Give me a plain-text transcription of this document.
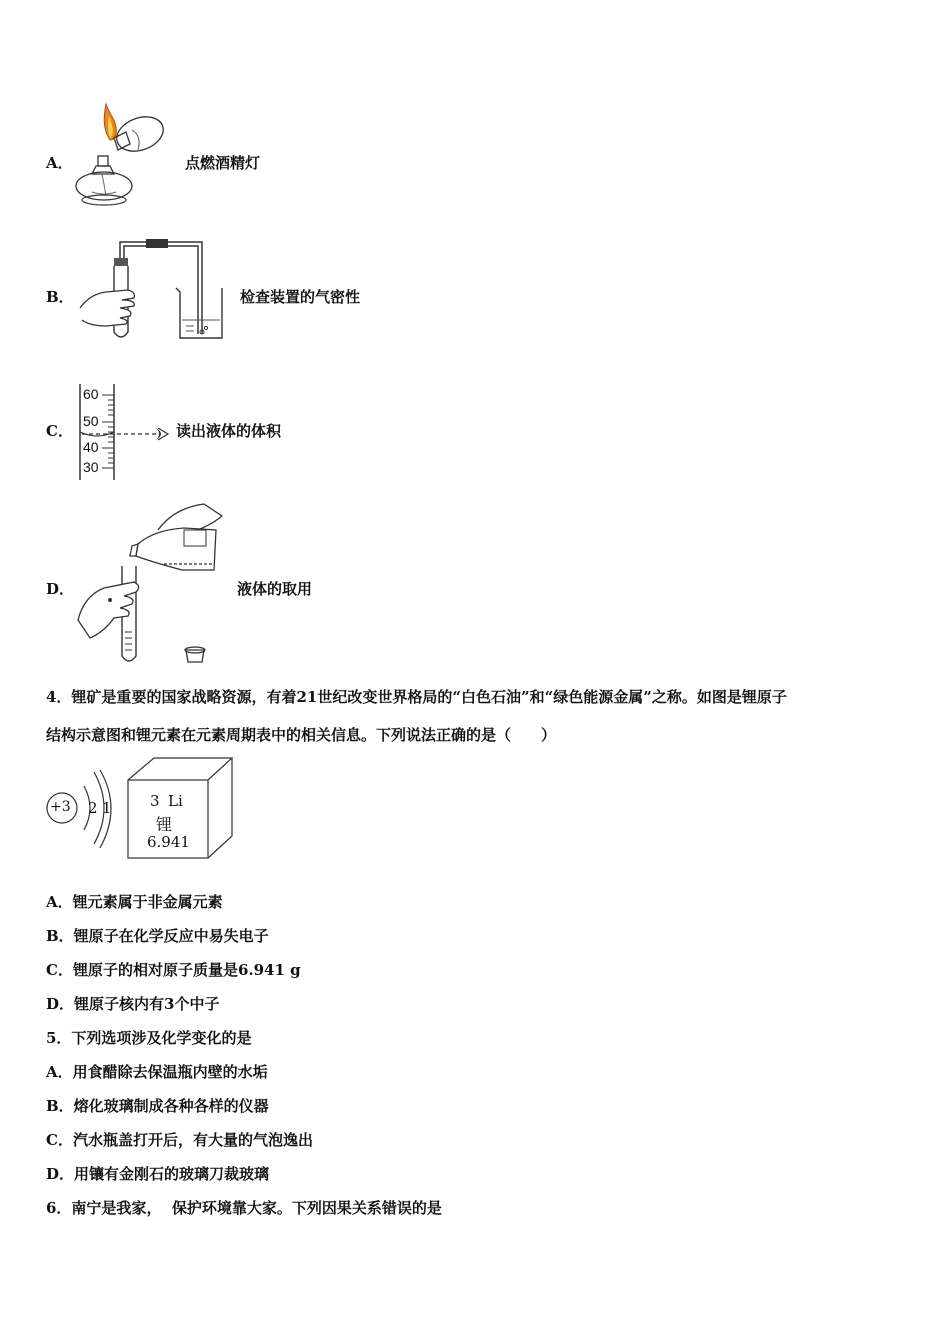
A．	点燃酒精灯
B．	检查装置的气密性
C．
60
50
40
30
读出液体的体积
D．	液体的取用
4．锂矿是重要的国家战略资源，有着21世纪改变世界格局的“白色石油”和“绿色能源金属”之称。如图是锂原子
结构示意图和锂元素在元素周期表中的相关信息。下列说法正确的是（　　）
+3 2 1	3 Li
锂
6.941
A．锂元素属于非金属元素
B．锂原子在化学反应中易失电子
C．锂原子的相对原子质量是6.941 g
D．锂原子核内有3个中子
5．下列选项涉及化学变化的是
A．用食醋除去保温瓶内壁的水垢
B．熔化玻璃制成各种各样的仪器
C．汽水瓶盖打开后，有大量的气泡逸出
D．用镶有金刚石的玻璃刀裁玻璃
6．南宁是我家，  保护环境靠大家。下列因果关系错误的是
